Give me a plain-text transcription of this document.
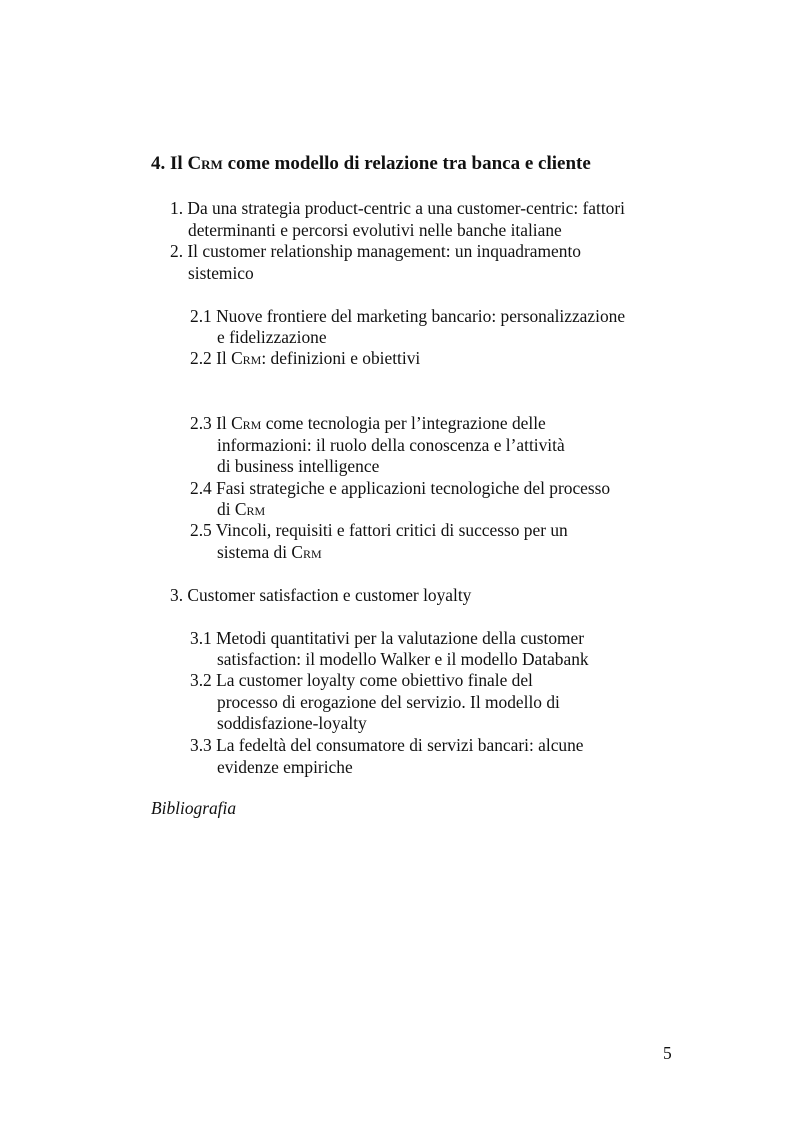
4. Il Crm come modello di relazione tra banca e cliente
1. Da una strategia product-centric a una customer-centric: fattori
determinanti e percorsi evolutivi nelle banche italiane
2. Il customer relationship management: un inquadramento
sistemico
2.1 Nuove frontiere del marketing bancario: personalizzazione
e fidelizzazione
2.2 Il Crm: definizioni e obiettivi
2.3 Il Crm come tecnologia per l’integrazione delle
informazioni: il ruolo della conoscenza e l’attività
di business intelligence
2.4 Fasi strategiche e applicazioni tecnologiche del processo
di Crm
2.5 Vincoli, requisiti e fattori critici di successo per un
sistema di Crm
3. Customer satisfaction e customer loyalty
3.1 Metodi quantitativi per la valutazione della customer
satisfaction: il modello Walker e il modello Databank
3.2 La customer loyalty come obiettivo finale del
processo di erogazione del servizio. Il modello di
soddisfazione-loyalty
3.3 La fedeltà del consumatore di servizi bancari: alcune
evidenze empiriche
Bibliografia
5
